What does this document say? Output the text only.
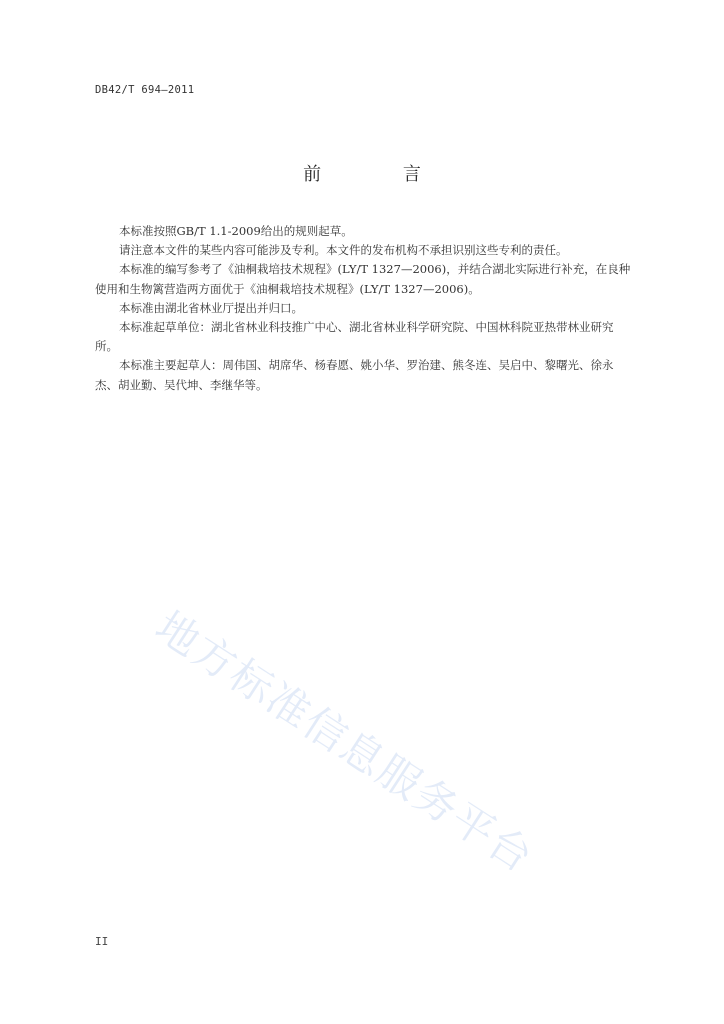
DB42/T 694—2011
前 言

本标准按照GB/T 1.1-2009给出的规则起草。

请注意本文件的某些内容可能涉及专利。本文件的发布机构不承担识别这些专利的责任。

本标准的编写参考了《油桐栽培技术规程》(LY/T 1327—2006)，并结合湖北实际进行补充，在良种使用和生物篱营造两方面优于《油桐栽培技术规程》(LY/T 1327—2006)。

本标准由湖北省林业厅提出并归口。

本标准起草单位：湖北省林业科技推广中心、湖北省林业科学研究院、中国林科院亚热带林业研究所。

本标准主要起草人：周伟国、胡席华、杨春愿、姚小华、罗治建、熊冬连、吴启中、黎曙光、徐永杰、胡业勤、吴代坤、李继华等。

地方标准信息服务平台
II
